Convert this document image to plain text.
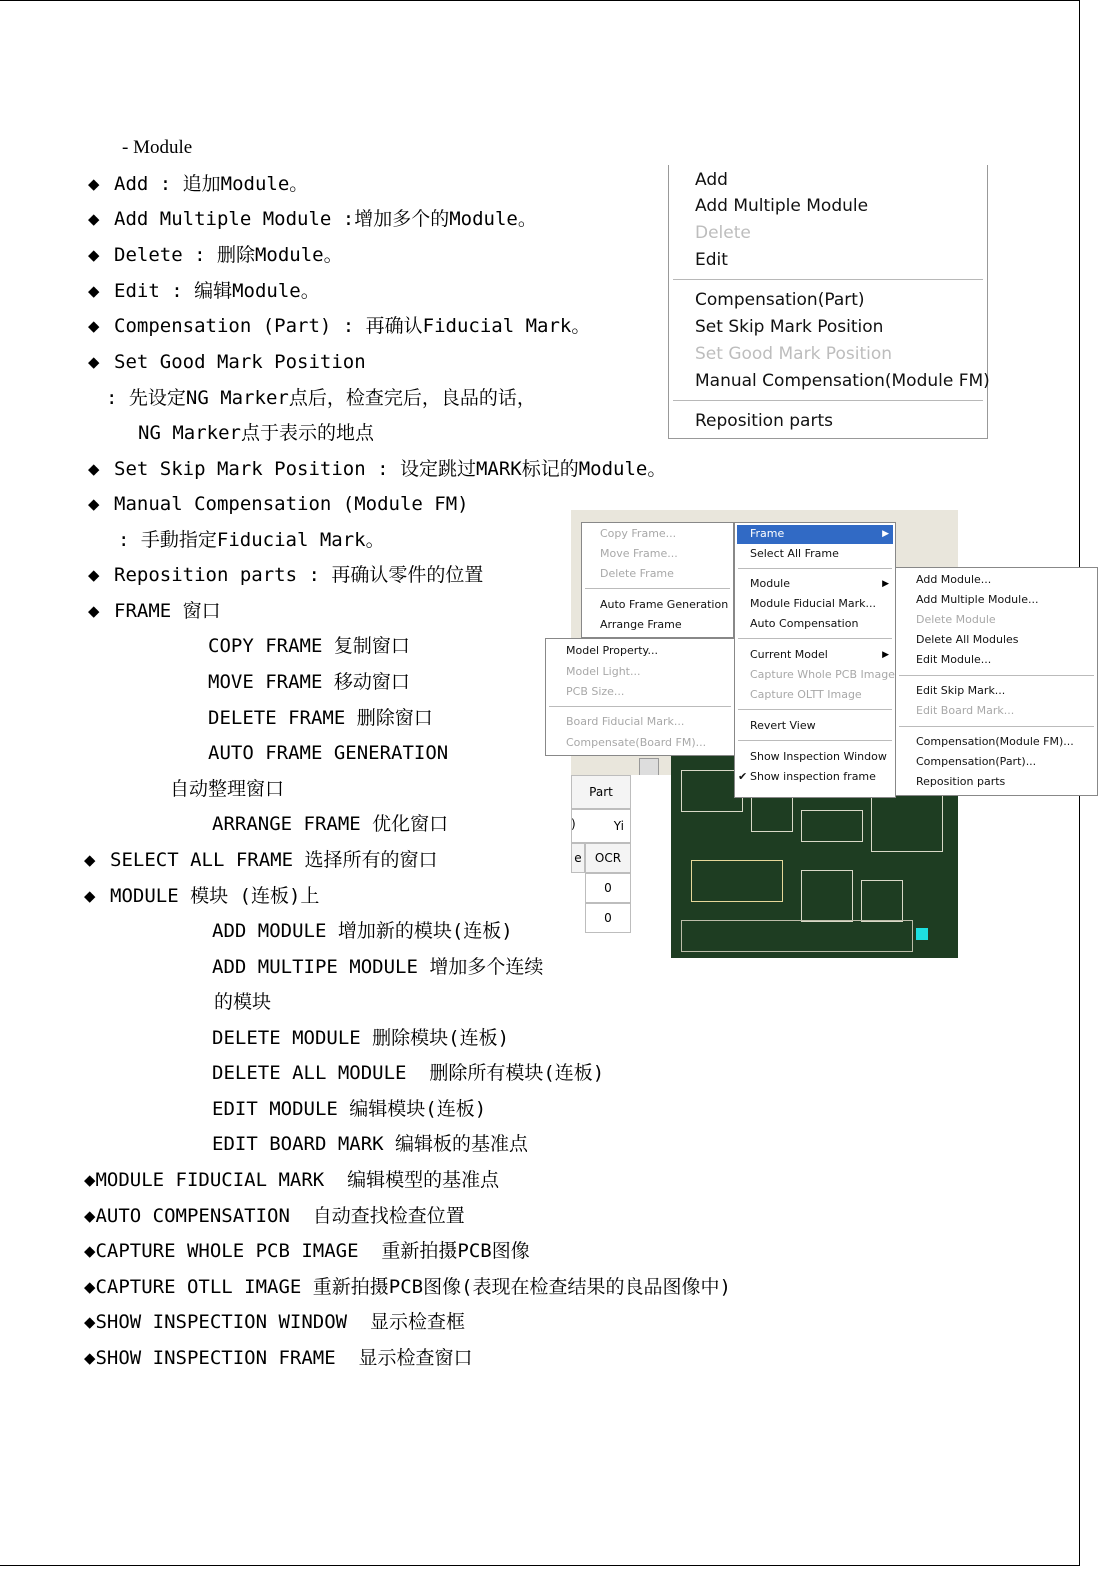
- Module
◆ Add : 追加Module。
◆ Add Multiple Module :增加多个的Module。
◆ Delete : 删除Module。
◆ Edit : 编辑Module。
◆ Compensation (Part) : 再确认Fiducial Mark。
◆ Set Good Mark Position
: 先设定NG Marker点后，检查完后，良品的话，
NG Marker点于表示的地点
◆ Set Skip Mark Position : 设定跳过MARK标记的Module。
◆ Manual Compensation (Module FM)
: 手動指定Fiducial Mark。
◆ Reposition parts : 再确认零件的位置
◆ FRAME 窗口
COPY FRAME 复制窗口
MOVE FRAME 移动窗口
DELETE FRAME 删除窗口
AUTO FRAME GENERATION
自动整理窗口
ARRANGE FRAME 优化窗口
◆ SELECT ALL FRAME 选择所有的窗口
◆ MODULE 模块 (连板)上
ADD MODULE 增加新的模块(连板)
ADD MULTIPE MODULE 增加多个连续
的模块
DELETE MODULE 删除模块(连板)
DELETE ALL MODULE  删除所有模块(连板)
EDIT MODULE 编辑模块(连板)
EDIT BOARD MARK 编辑板的基准点
◆MODULE FIDUCIAL MARK  编辑模型的基准点
◆AUTO COMPENSATION  自动查找检查位置
◆CAPTURE WHOLE PCB IMAGE  重新拍摄PCB图像
◆CAPTURE OTLL IMAGE 重新拍摄PCB图像(表现在检查结果的良品图像中)
◆SHOW INSPECTION WINDOW  显示检查框
◆SHOW INSPECTION FRAME  显示检查窗口
Add
Add Multiple Module
Delete
Edit
Compensation(Part)
Set Skip Mark Position
Set Good Mark Position
Manual Compensation(Module FM)
Reposition parts
Part
Yi
e	OCR
0
0
)
Copy Frame...
Move Frame...
Delete Frame
Auto Frame Generation
Arrange Frame
Frame	▶
Select All Frame
Module	▶
Module Fiducial Mark...
Auto Compensation
Current Model	▶
Capture Whole PCB Image
Capture OLTT Image
Revert View
Show Inspection Window
✔ Show inspection frame
Model Property...
Model Light...
PCB Size...
Board Fiducial Mark...
Compensate(Board FM)...
Add Module...
Add Multiple Module...
Delete Module
Delete All Modules
Edit Module...
Edit Skip Mark...
Edit Board Mark...
Compensation(Module FM)...
Compensation(Part)...
Reposition parts
